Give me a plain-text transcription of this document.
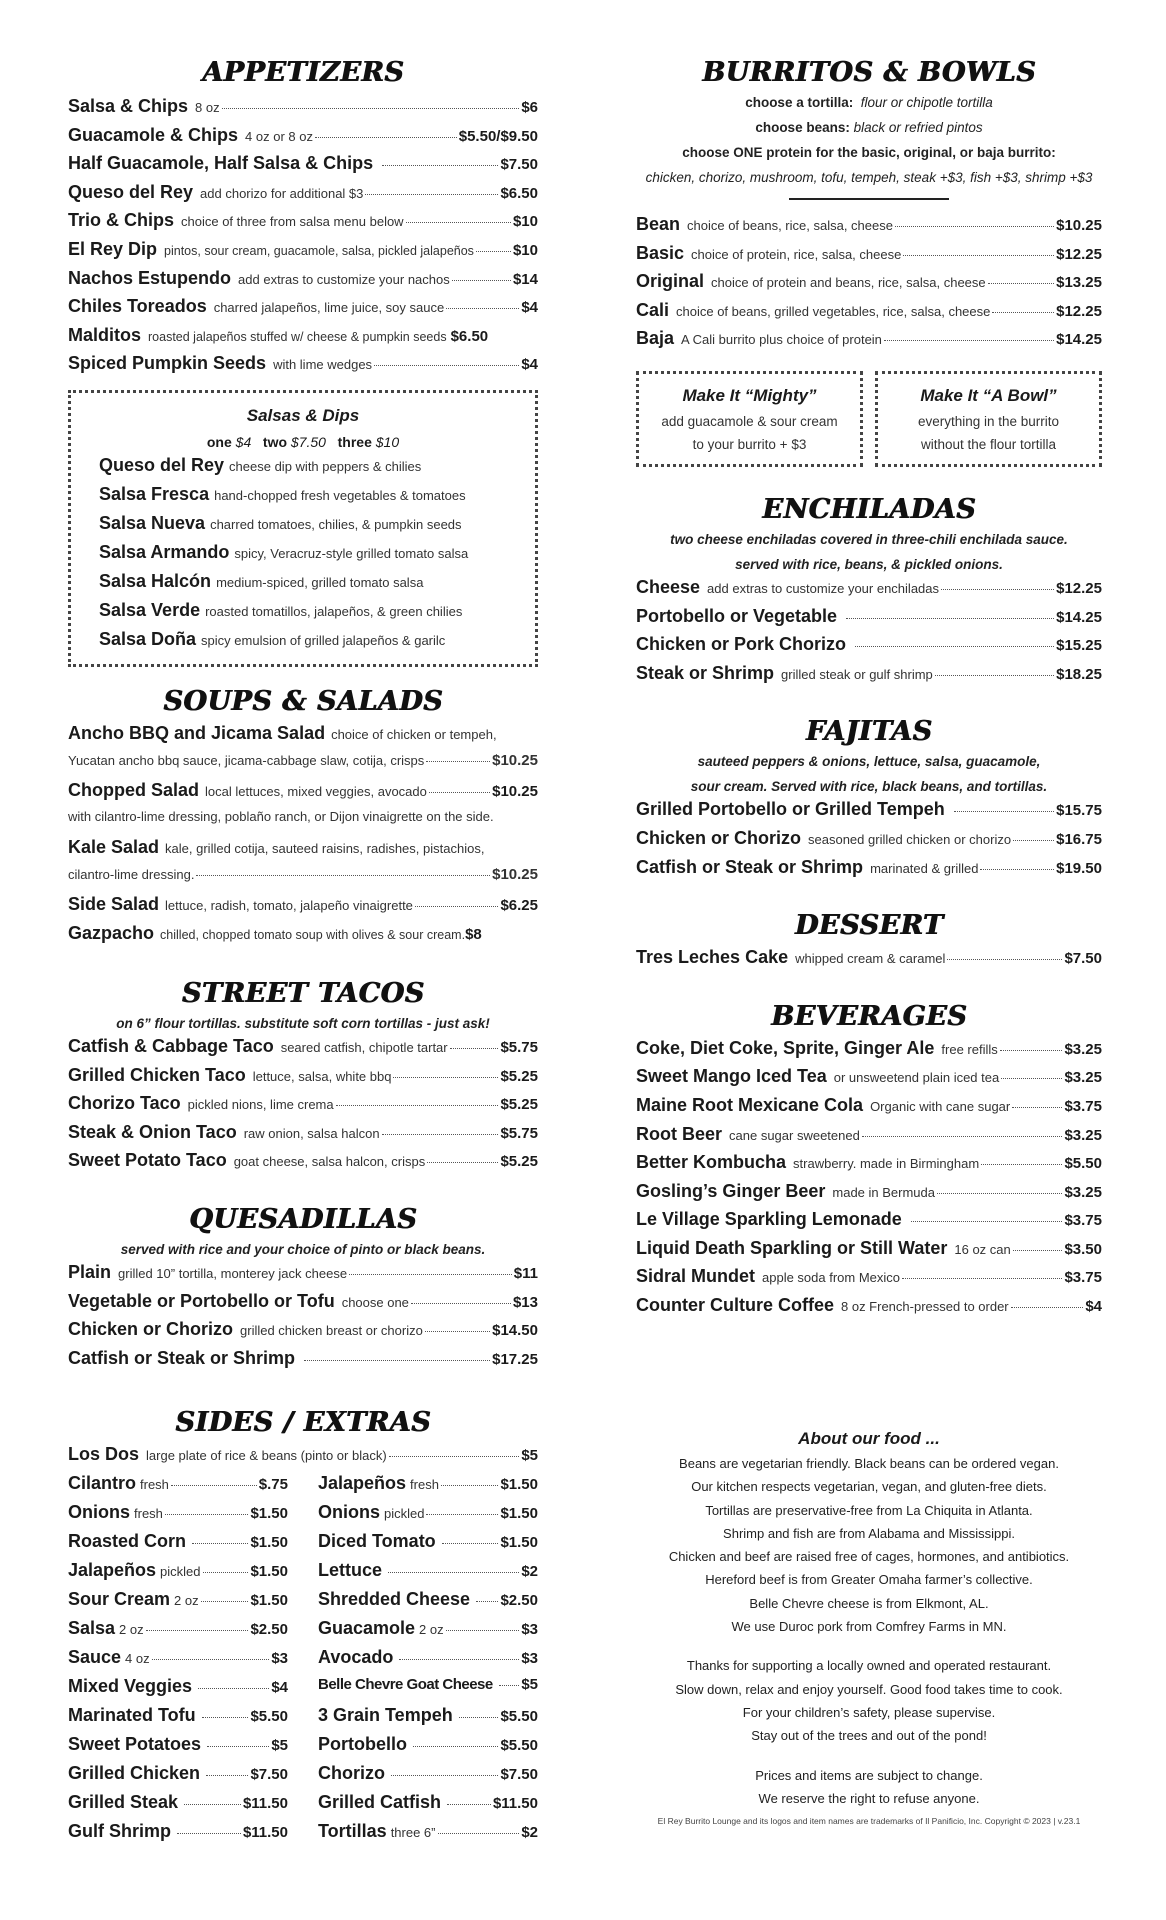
APPETIZERS
Salsa & Chips 8 oz	$6
Guacamole & Chips 4 oz or 8 oz	$5.50/$9.50
Half Guacamole, Half Salsa & Chips	$7.50
Queso del Rey add chorizo for additional $3	$6.50
Trio & Chips choice of three from salsa menu below	$10
El Rey Dip pintos, sour cream, guacamole, salsa, pickled jalapeños	$10
Nachos Estupendo add extras to customize your nachos	$14
Chiles Toreados charred jalapeños, lime juice, soy sauce	$4
Malditos roasted jalapeños stuffed w/ cheese & pumpkin seeds $6.50
Spiced Pumpkin Seeds with lime wedges	$4
Salsas & Dips
one $4 two $7.50 three $10
Queso del Rey cheese dip with peppers & chilies
Salsa Fresca hand-chopped fresh vegetables & tomatoes
Salsa Nueva charred tomatoes, chilies, & pumpkin seeds
Salsa Armando spicy, Veracruz-style grilled tomato salsa
Salsa Halcón medium-spiced, grilled tomato salsa
Salsa Verde roasted tomatillos, jalapeños, & green chilies
Salsa Doña spicy emulsion of grilled jalapeños & garilc
SOUPS & SALADS
Ancho BBQ and Jicama Salad choice of chicken or tempeh,
Yucatan ancho bbq sauce, jicama-cabbage slaw, cotija, crisps	$10.25
Chopped Salad local lettuces, mixed veggies, avocado	$10.25
with cilantro-lime dressing, poblaño ranch, or Dijon vinaigrette on the side.
Kale Salad kale, grilled cotija, sauteed raisins, radishes, pistachios,
cilantro-lime dressing.	$10.25
Side Salad lettuce, radish, tomato, jalapeño vinaigrette	$6.25
Gazpacho chilled, chopped tomato soup with olives & sour cream. $8
STREET TACOS
on 6” flour tortillas. substitute soft corn tortillas - just ask!
Catfish & Cabbage Taco seared catfish, chipotle tartar	$5.75
Grilled Chicken Taco lettuce, salsa, white bbq	$5.25
Chorizo Taco pickled nions, lime crema	$5.25
Steak & Onion Taco raw onion, salsa halcon	$5.75
Sweet Potato Taco goat cheese, salsa halcon, crisps	$5.25
QUESADILLAS
served with rice and your choice of pinto or black beans.
Plain grilled 10” tortilla, monterey jack cheese	$11
Vegetable or Portobello or Tofu choose one	$13
Chicken or Chorizo grilled chicken breast or chorizo	$14.50
Catfish or Steak or Shrimp	$17.25
SIDES / EXTRAS
Los Dos large plate of rice & beans (pinto or black)	$5
Cilantro fresh	$.75
Onions fresh	$1.50
Roasted Corn	$1.50
Jalapeños pickled	$1.50
Sour Cream 2 oz	$1.50
Salsa 2 oz	$2.50
Sauce 4 oz	$3
Mixed Veggies	$4
Marinated Tofu	$5.50
Sweet Potatoes	$5
Grilled Chicken	$7.50
Grilled Steak	$11.50
Gulf Shrimp	$11.50
Jalapeños fresh	$1.50
Onions pickled	$1.50
Diced Tomato	$1.50
Lettuce	$2
Shredded Cheese $2.50
Guacamole 2 oz	$3
Avocado	$3
Belle Chevre Goat Cheese $5
3 Grain Tempeh	$5.50
Portobello	$5.50
Chorizo	$7.50
Grilled Catfish	$11.50
Tortillas three 6”	$2
BURRITOS & BOWLS
choose a tortilla: flour or chipotle tortilla
choose beans: black or refried pintos
choose ONE protein for the basic, original, or baja burrito:
chicken, chorizo, mushroom, tofu, tempeh, steak +$3, fish +$3, shrimp +$3
Bean choice of beans, rice, salsa, cheese	$10.25
Basic choice of protein, rice, salsa, cheese	$12.25
Original choice of protein and beans, rice, salsa, cheese	$13.25
Cali choice of beans, grilled vegetables, rice, salsa, cheese	$12.25
Baja A Cali burrito plus choice of protein	$14.25
Make It “Mighty”
add guacamole & sour cream
to your burrito + $3
Make It “A Bowl”
everything in the burrito
without the flour tortilla
ENCHILADAS
two cheese enchiladas covered in three-chili enchilada sauce.
served with rice, beans, & pickled onions.
Cheese add extras to customize your enchiladas	$12.25
Portobello or Vegetable	$14.25
Chicken or Pork Chorizo	$15.25
Steak or Shrimp grilled steak or gulf shrimp	$18.25
FAJITAS
sauteed peppers & onions, lettuce, salsa, guacamole,
sour cream. Served with rice, black beans, and tortillas.
Grilled Portobello or Grilled Tempeh	$15.75
Chicken or Chorizo seasoned grilled chicken or chorizo	$16.75
Catfish or Steak or Shrimp marinated & grilled	$19.50
DESSERT
Tres Leches Cake whipped cream & caramel	$7.50
BEVERAGES
Coke, Diet Coke, Sprite, Ginger Ale free refills	$3.25
Sweet Mango Iced Tea or unsweetend plain iced tea	$3.25
Maine Root Mexicane Cola Organic with cane sugar	$3.75
Root Beer cane sugar sweetened	$3.25
Better Kombucha strawberry. made in Birmingham	$5.50
Gosling’s Ginger Beer made in Bermuda	$3.25
Le Village Sparkling Lemonade	$3.75
Liquid Death Sparkling or Still Water 16 oz can	$3.50
Sidral Mundet apple soda from Mexico	$3.75
Counter Culture Coffee 8 oz French-pressed to order	$4
About our food ...
Beans are vegetarian friendly. Black beans can be ordered vegan.
Our kitchen respects vegetarian, vegan, and gluten-free diets.
Tortillas are preservative-free from La Chiquita in Atlanta.
Shrimp and fish are from Alabama and Mississippi.
Chicken and beef are raised free of cages, hormones, and antibiotics.
Hereford beef is from Greater Omaha farmer’s collective.
Belle Chevre cheese is from Elkmont, AL.
We use Duroc pork from Comfrey Farms in MN.
Thanks for supporting a locally owned and operated restaurant.
Slow down, relax and enjoy yourself. Good food takes time to cook.
For your children’s safety, please supervise.
Stay out of the trees and out of the pond!
Prices and items are subject to change.
We reserve the right to refuse anyone.
El Rey Burrito Lounge and its logos and item names are trademarks of Il Panificio, Inc. Copyright © 2023 | v.23.1
